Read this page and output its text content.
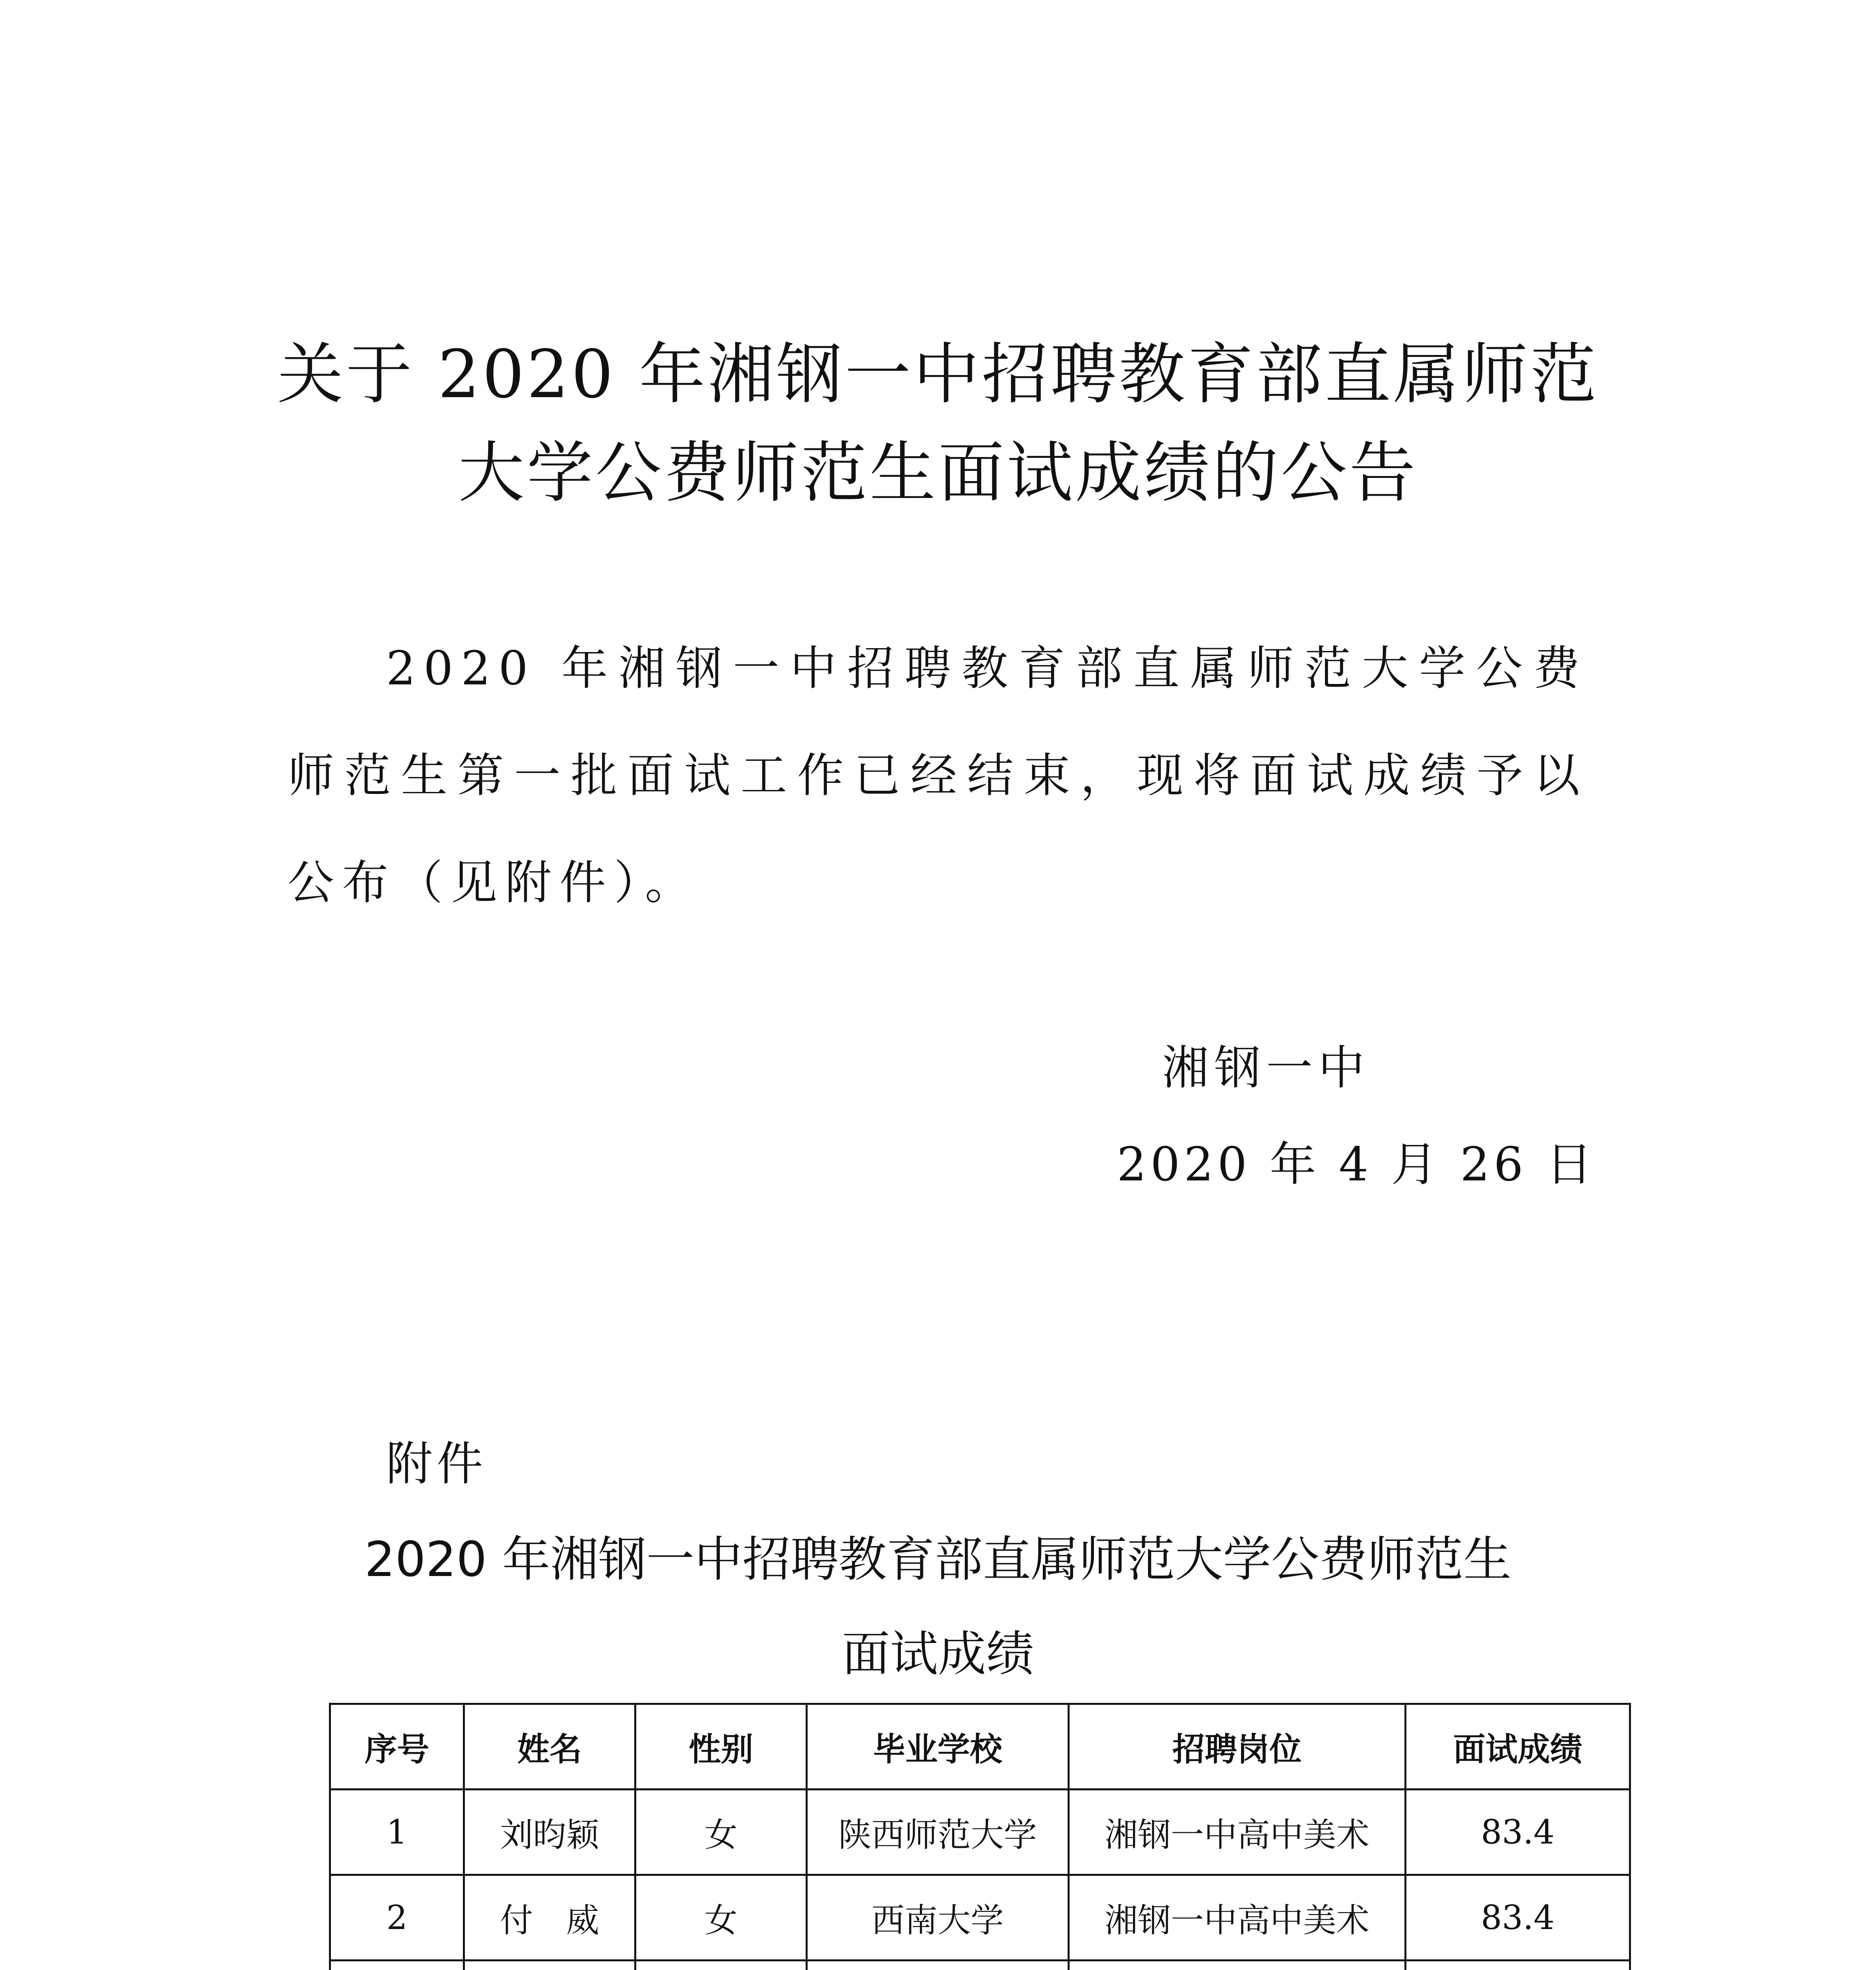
关于 2020 年湘钢一中招聘教育部直属师范
大学公费师范生面试成绩的公告

2020 年湘钢一中招聘教育部直属师范大学公费师范生第一批面试工作已经结束，现将面试成绩予以公布（见附件）。

湘钢一中
2020 年 4 月 26 日
附件
2020 年湘钢一中招聘教育部直属师范大学公费师范生
面试成绩
序号	姓名	性别	毕业学校	招聘岗位	面试成绩
1	刘昀颖	女	陕西师范大学	湘钢一中高中美术	83.4
2	付　威	女	西南大学	湘钢一中高中美术	83.4
